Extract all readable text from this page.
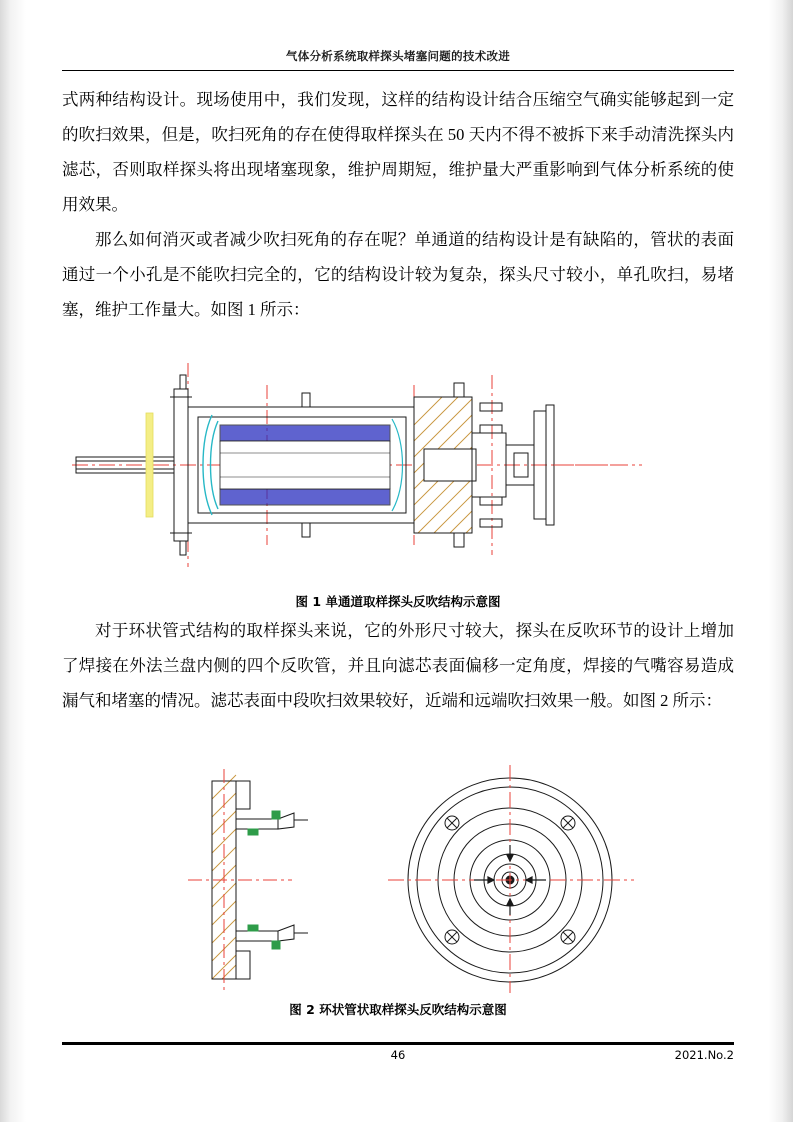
气体分析系统取样探头堵塞问题的技术改进

式两种结构设计。现场使用中，我们发现，这样的结构设计结合压缩空气确实能够起到一定的吹扫效果，但是，吹扫死角的存在使得取样探头在 50 天内不得不被拆下来手动清洗探头内滤芯，否则取样探头将出现堵塞现象，维护周期短，维护量大严重影响到气体分析系统的使用效果。

那么如何消灭或者减少吹扫死角的存在呢？单通道的结构设计是有缺陷的，管状的表面通过一个小孔是不能吹扫完全的，它的结构设计较为复杂，探头尺寸较小，单孔吹扫，易堵塞，维护工作量大。如图 1 所示：
图 1 单通道取样探头反吹结构示意图
对于环状管式结构的取样探头来说，它的外形尺寸较大，探头在反吹环节的设计上增加了焊接在外法兰盘内侧的四个反吹管，并且向滤芯表面偏移一定角度，焊接的气嘴容易造成漏气和堵塞的情况。滤芯表面中段吹扫效果较好，近端和远端吹扫效果一般。如图 2 所示：
图 2 环状管状取样探头反吹结构示意图
46	2021.No.2
